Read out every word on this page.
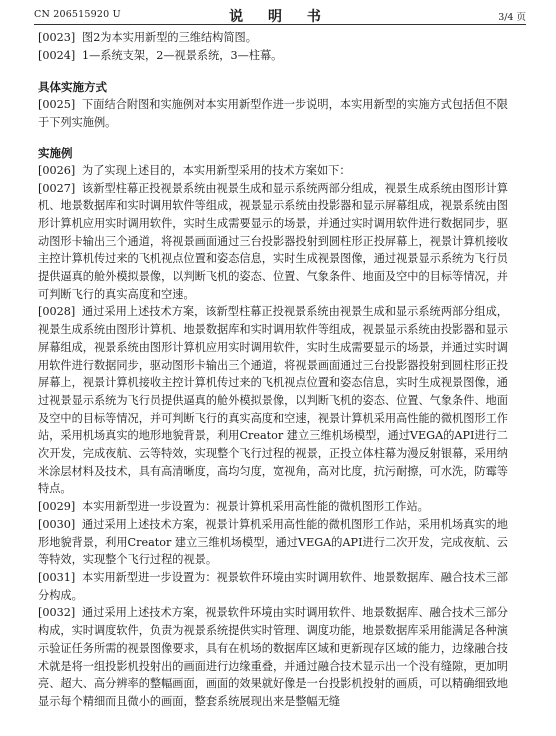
CN 206515920 U	说 明 书	3/4 页

[0023] 图2为本实用新型的三维结构简图。

[0024] 1—系统支架，2—视景系统，3—柱幕。

具体实施方式

[0025] 下面结合附图和实施例对本实用新型作进一步说明，本实用新型的实施方式包括但不限于下列实施例。

实施例

[0026] 为了实现上述目的，本实用新型采用的技术方案如下：

[0027] 该新型柱幕正投视景系统由视景生成和显示系统两部分组成，视景生成系统由图形计算机、地景数据库和实时调用软件等组成，视景显示系统由投影器和显示屏幕组成，视景系统由图形计算机应用实时调用软件，实时生成需要显示的场景，并通过实时调用软件进行数据同步，驱动图形卡输出三个通道，将视景画面通过三台投影器投射到圆柱形正投屏幕上，视景计算机接收主控计算机传过来的飞机视点位置和姿态信息，实时生成视景图像，通过视景显示系统为飞行员提供逼真的舱外模拟景像，以判断飞机的姿态、位置、气象条件、地面及空中的目标等情况，并可判断飞行的真实高度和空速。

[0028] 通过采用上述技术方案，该新型柱幕正投视景系统由视景生成和显示系统两部分组成，视景生成系统由图形计算机、地景数据库和实时调用软件等组成，视景显示系统由投影器和显示屏幕组成，视景系统由图形计算机应用实时调用软件，实时生成需要显示的场景，并通过实时调用软件进行数据同步，驱动图形卡输出三个通道，将视景画面通过三台投影器投射到圆柱形正投屏幕上，视景计算机接收主控计算机传过来的飞机视点位置和姿态信息，实时生成视景图像，通过视景显示系统为飞行员提供逼真的舱外模拟景像，以判断飞机的姿态、位置、气象条件、地面及空中的目标等情况，并可判断飞行的真实高度和空速，视景计算机采用高性能的微机图形工作站，采用机场真实的地形地貌背景，利用Creator 建立三维机场模型，通过VEGA的API进行二次开发，完成夜航、云等特效，实现整个飞行过程的视景，正投立体柱幕为漫反射银幕，采用纳米涂层材料及技术，具有高清晰度，高均匀度，宽视角，高对比度，抗污耐擦，可水洗，防霉等特点。

[0029] 本实用新型进一步设置为：视景计算机采用高性能的微机图形工作站。

[0030] 通过采用上述技术方案，视景计算机采用高性能的微机图形工作站，采用机场真实的地形地貌背景，利用Creator 建立三维机场模型，通过VEGA的API进行二次开发，完成夜航、云等特效，实现整个飞行过程的视景。

[0031] 本实用新型进一步设置为：视景软件环境由实时调用软件、地景数据库、融合技术三部分构成。

[0032] 通过采用上述技术方案，视景软件环境由实时调用软件、地景数据库、融合技术三部分构成，实时调度软件，负责为视景系统提供实时管理、调度功能，地景数据库采用能满足各种演示验证任务所需的视景图像要求，具有在机场的数据库区域和更新现存区域的能力，边缘融合技术就是将一组投影机投射出的画面进行边缘重叠，并通过融合技术显示出一个没有缝隙，更加明亮、超大、高分辨率的整幅画面，画面的效果就好像是一台投影机投射的画质，可以精确细致地显示每个精细而且微小的画面，整套系统展现出来是整幅无缝
